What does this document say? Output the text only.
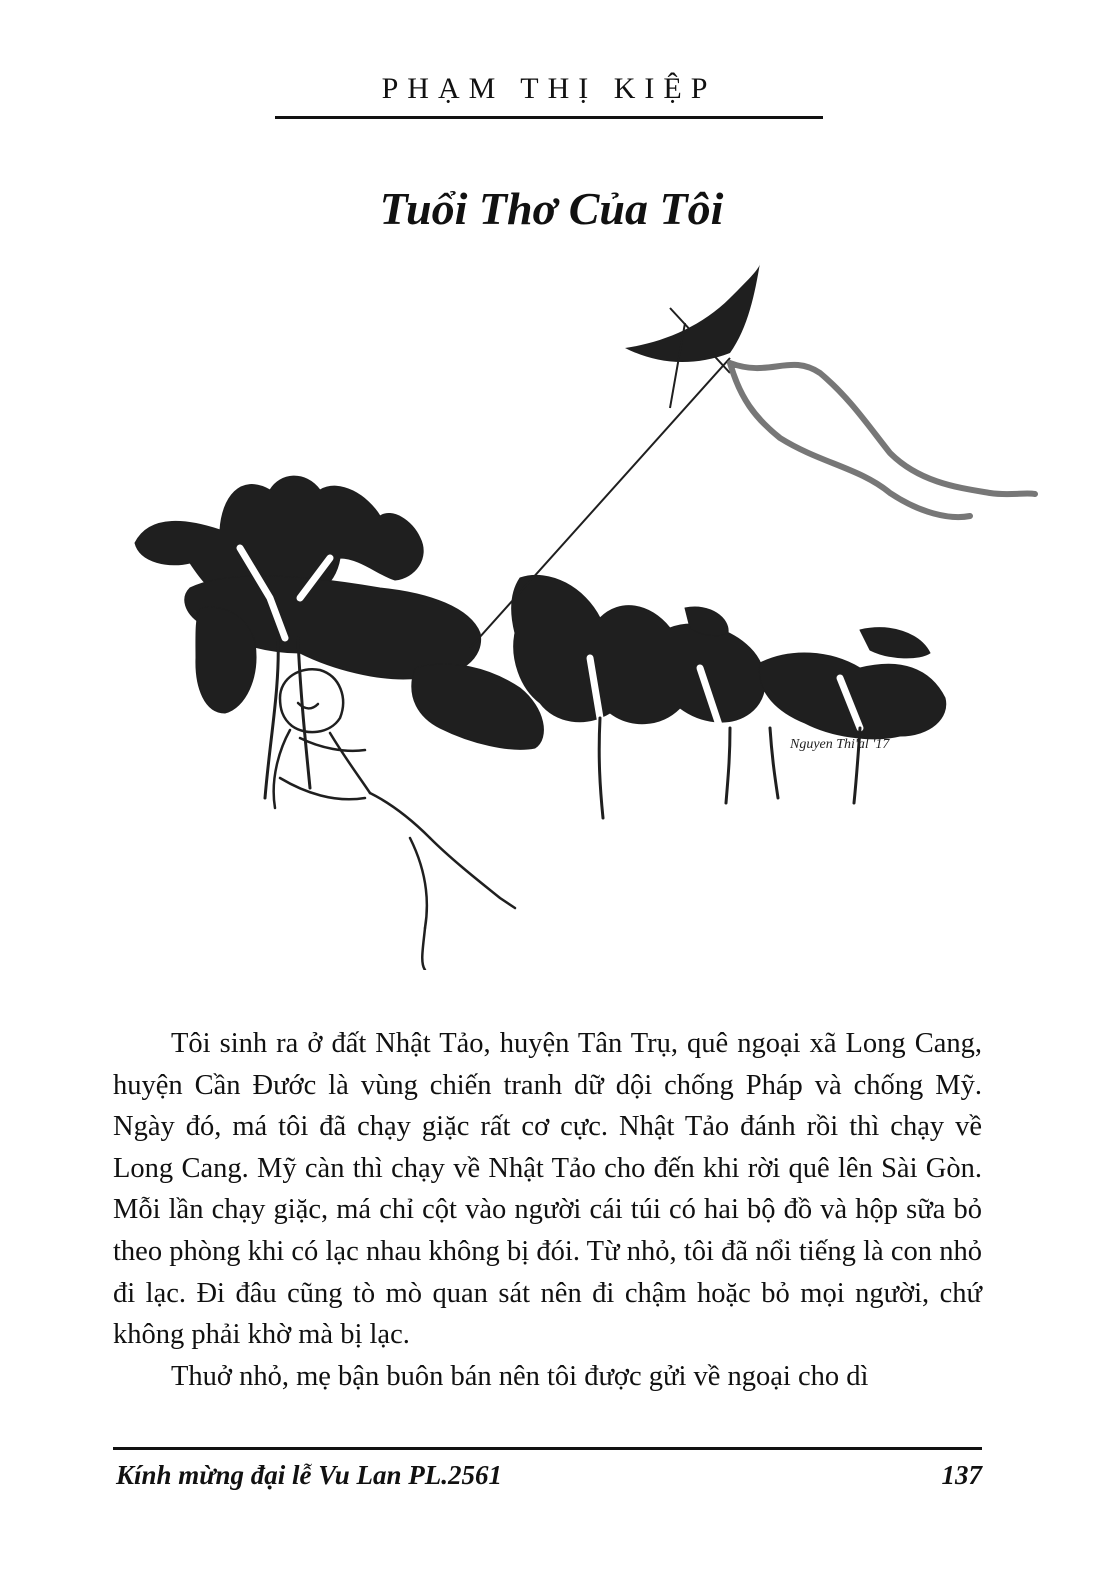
PHẠM THỊ KIỆP
Tuổi Thơ Của Tôi
Nguyen Thi'al '17

Tôi sinh ra ở đất Nhật Tảo, huyện Tân Trụ, quê ngoại xã Long Cang, huyện Cần Đước là vùng chiến tranh dữ dội chống Pháp và chống Mỹ. Ngày đó, má tôi đã chạy giặc rất cơ cực. Nhật Tảo đánh rồi thì chạy về Long Cang. Mỹ càn thì chạy về Nhật Tảo cho đến khi rời quê lên Sài Gòn. Mỗi lần chạy giặc, má chỉ cột vào người cái túi có hai bộ đồ và hộp sữa bỏ theo phòng khi có lạc nhau không bị đói. Từ nhỏ, tôi đã nổi tiếng là con nhỏ đi lạc. Đi đâu cũng tò mò quan sát nên đi chậm hoặc bỏ mọi người, chứ không phải khờ mà bị lạc.

Thuở nhỏ, mẹ bận buôn bán nên tôi được gửi về ngoại cho dì

Kính mừng đại lễ Vu Lan PL.2561	137
